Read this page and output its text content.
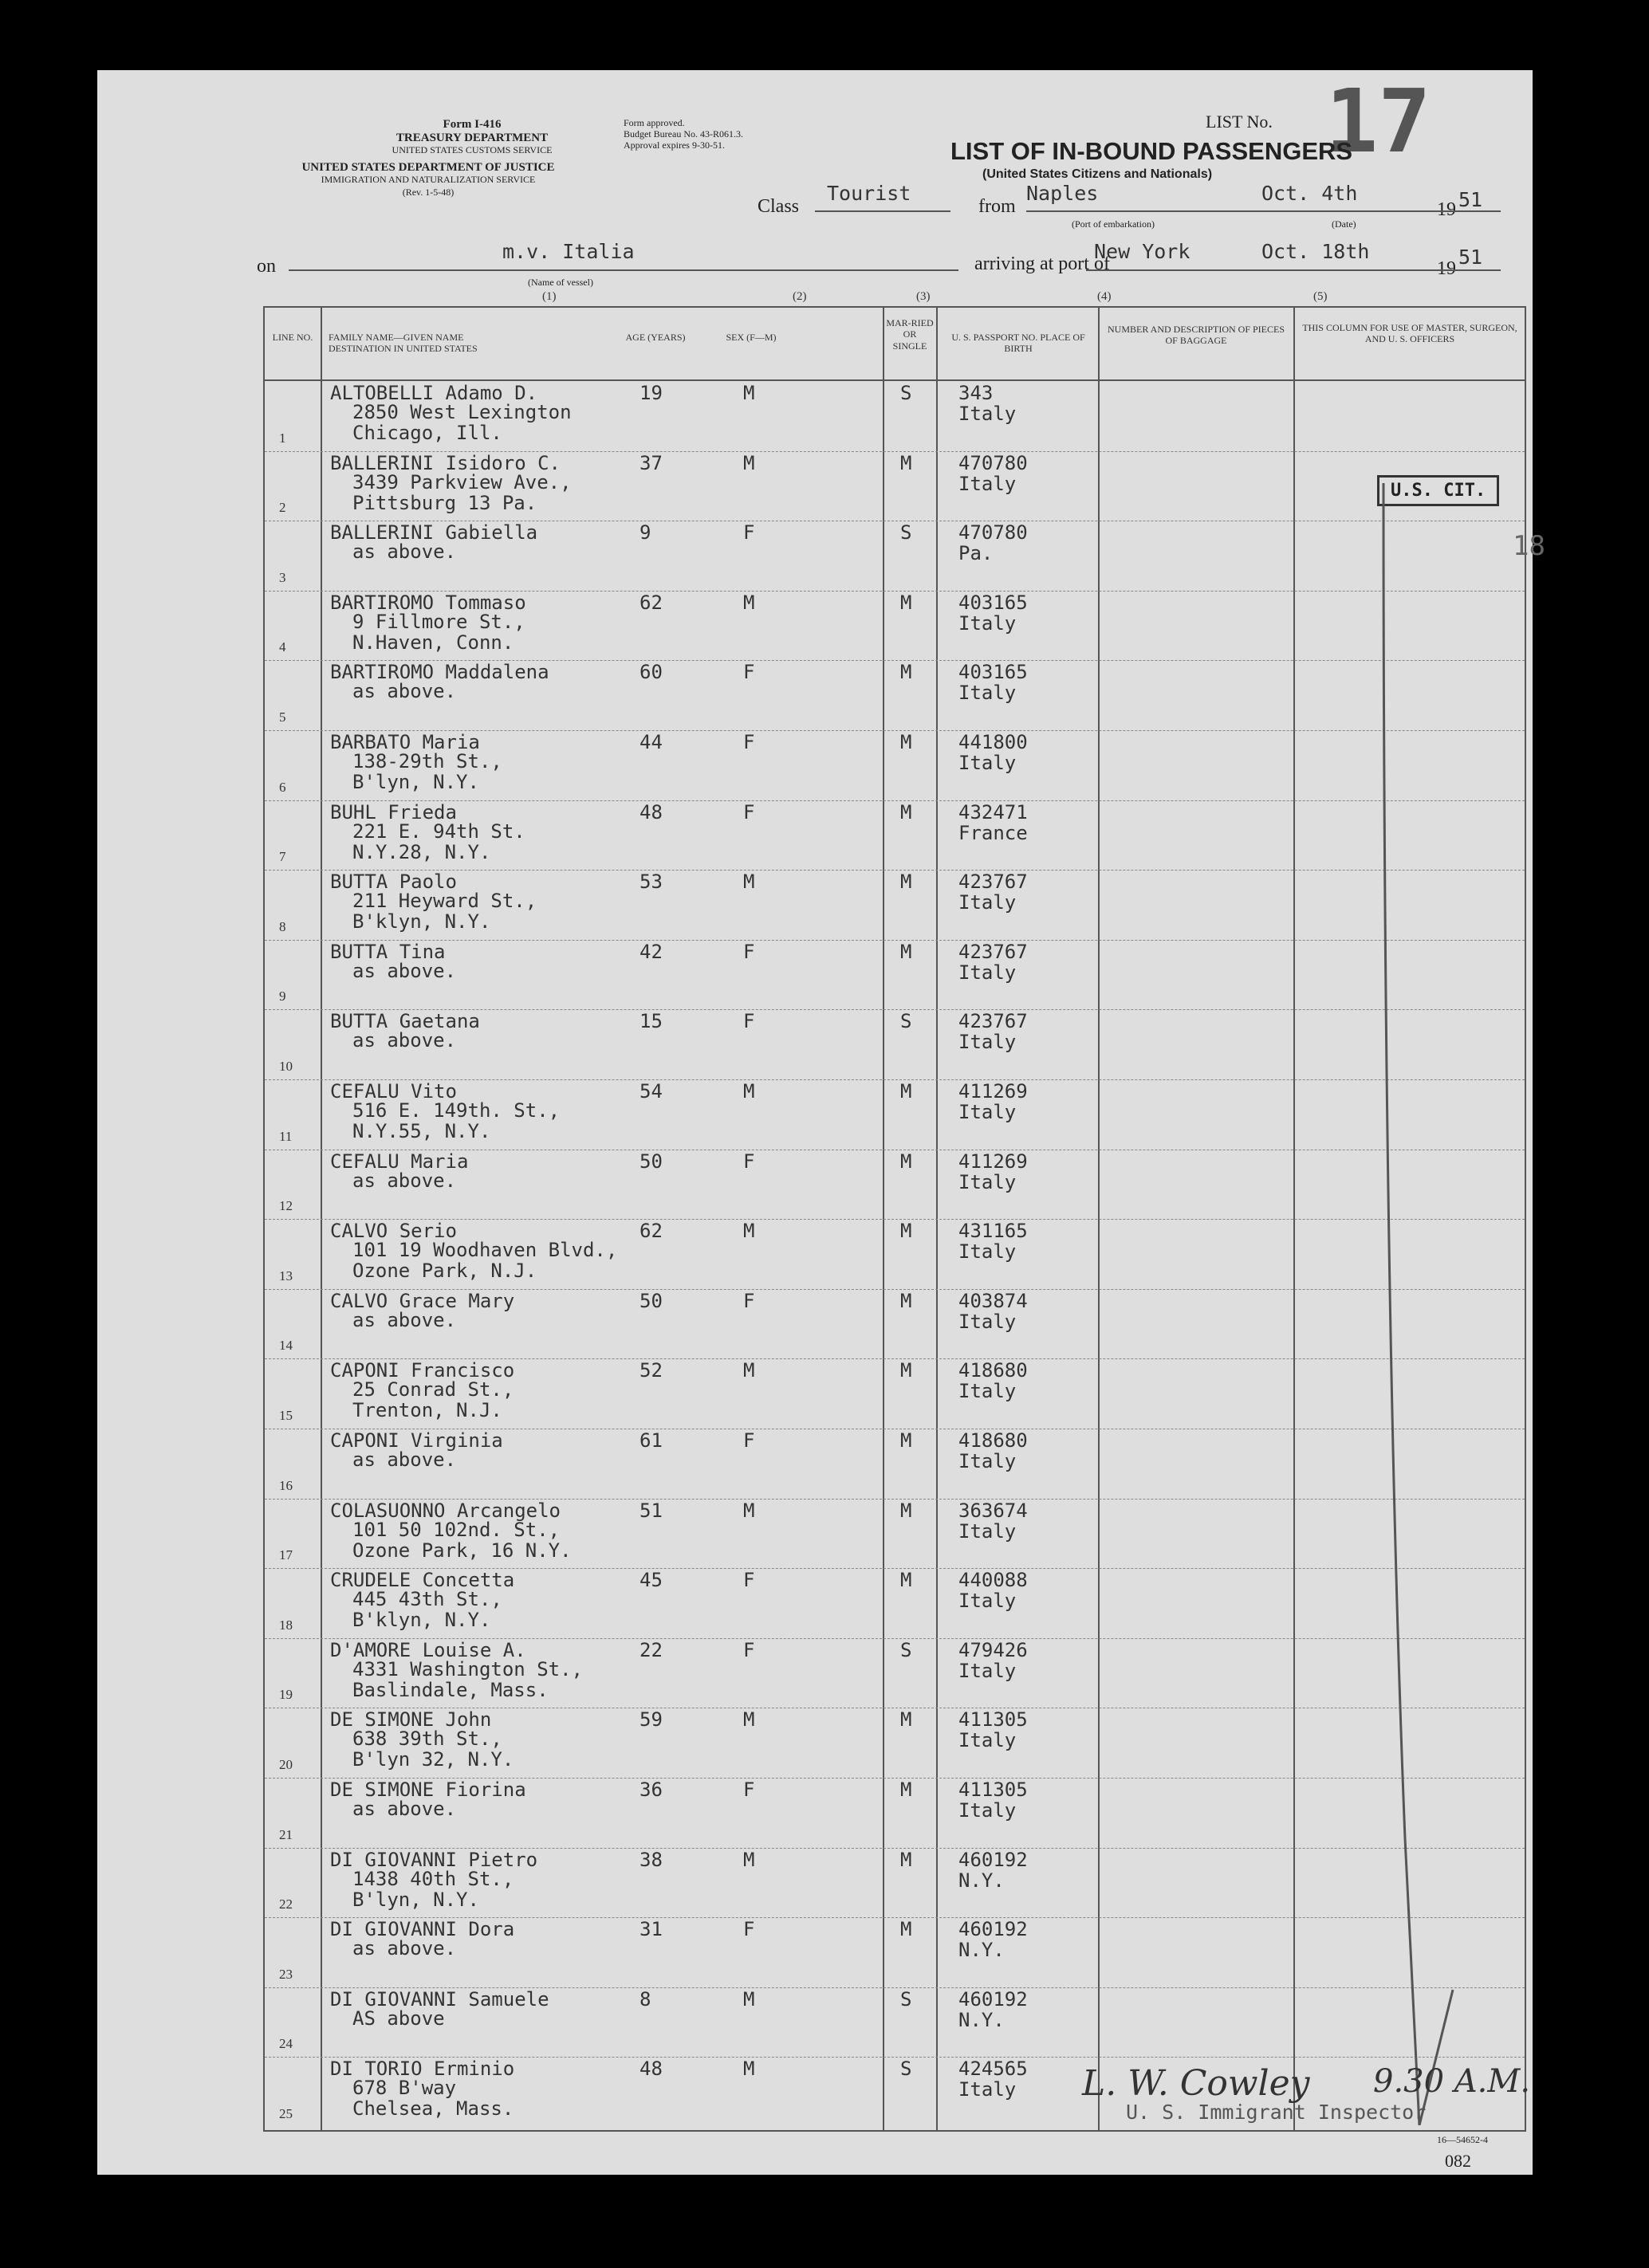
Form I-416
TREASURY DEPARTMENT
UNITED STATES CUSTOMS SERVICE
UNITED STATES DEPARTMENT OF JUSTICE
IMMIGRATION AND NATURALIZATION SERVICE
(Rev. 1-5-48)
Form approved.
Budget Bureau No. 43-R061.3.
Approval expires 9-30-51.
LIST No. 17
LIST OF IN-BOUND PASSENGERS
(United States Citizens and Nationals)
Class
Tourist
from
Naples	Oct. 4th
19 51
(Port of embarkation)	(Date)
on
m.v. Italia
arriving at port of
New York	Oct. 18th
19 51
(Name of vessel)
(1)	(2)	(3)	(4)	(5)
LINE NO.	FAMILY NAME—GIVEN NAME DESTINATION IN UNITED STATES
AGE (YEARS)	SEX (F—M)
MAR-RIED OR SINGLE
U. S. PASSPORT NO. PLACE OF BIRTH
NUMBER AND DESCRIPTION OF PIECES OF BAGGAGE
THIS COLUMN FOR USE OF MASTER, SURGEON, AND U. S. OFFICERS
1
ALTOBELLI Adamo D.
2850 West Lexington
Chicago, Ill.
19	M	S 343
Italy
2
BALLERINI Isidoro C.
3439 Parkview Ave.,
Pittsburg 13 Pa.
37	M	M 470780
Italy
3
BALLERINI Gabiella
as above.
9	F	S 470780
Pa.
4
BARTIROMO Tommaso
9 Fillmore St.,
N.Haven, Conn.
62	M	M 403165
Italy
5
BARTIROMO Maddalena
as above.
60	F	M 403165
Italy
6
BARBATO Maria
138-29th St.,
B'lyn, N.Y.
44	F	M 441800
Italy
7
BUHL Frieda
221 E. 94th St.
N.Y.28, N.Y.
48	F	M 432471
France
8
BUTTA Paolo
211 Heyward St.,
B'klyn, N.Y.
53	M	M 423767
Italy
9
BUTTA Tina
as above.
42	F	M 423767
Italy
10
BUTTA Gaetana
as above.
15	F	S 423767
Italy
11
CEFALU Vito
516 E. 149th. St.,
N.Y.55, N.Y.
54	M	M 411269
Italy
12
CEFALU Maria
as above.
50	F	M 411269
Italy
13
CALVO Serio
101 19 Woodhaven Blvd.,
Ozone Park, N.J.
62	M	M 431165
Italy
14
CALVO Grace Mary
as above.
50	F	M 403874
Italy
15
CAPONI Francisco
25 Conrad St.,
Trenton, N.J.
52	M	M 418680
Italy
16
CAPONI Virginia
as above.
61	F	M 418680
Italy
17
COLASUONNO Arcangelo
101 50 102nd. St.,
Ozone Park, 16 N.Y.
51	M	M 363674
Italy
18
CRUDELE Concetta
445 43th St.,
B'klyn, N.Y.
45	F	M 440088
Italy
19
D'AMORE Louise A.
4331 Washington St.,
Baslindale, Mass.
22	F	S 479426
Italy
20
DE SIMONE John
638 39th St.,
B'lyn 32, N.Y.
59	M	M 411305
Italy
21
DE SIMONE Fiorina
as above.
36	F	M 411305
Italy
22
DI GIOVANNI Pietro
1438 40th St.,
B'lyn, N.Y.
38	M	M 460192
N.Y.
23
DI GIOVANNI Dora
as above.
31	F	M 460192
N.Y.
24
DI GIOVANNI Samuele
AS above
8	M	S 460192
N.Y.
25
DI TORIO Erminio
678 B'way
Chelsea, Mass.
48	M	S 424565
Italy
U.S. CIT.
18
L. W. Cowley 9.30 A.M.
U. S. Immigrant Inspector
16—54652-4
082
